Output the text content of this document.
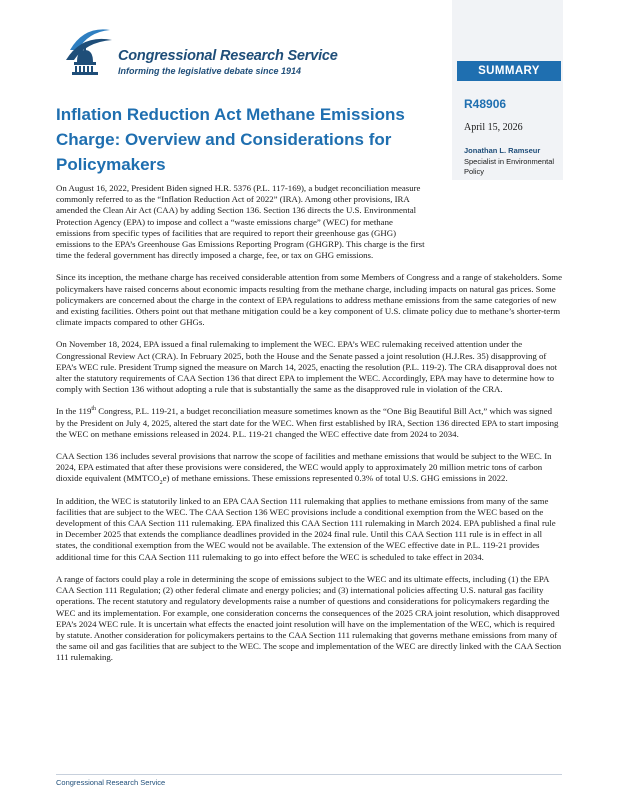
Congressional Research Service
Informing the legislative debate since 1914	SUMMARY
R48906
April 15, 2026
Jonathan L. Ramseur
Specialist in Environmental Policy
Inflation Reduction Act Methane Emissions Charge: Overview and Considerations for Policymakers

On August 16, 2022, President Biden signed H.R. 5376 (P.L. 117-169), a budget reconciliation measure commonly referred to as the “Inflation Reduction Act of 2022” (IRA). Among other provisions, IRA amended the Clean Air Act (CAA) by adding Section 136. Section 136 directs the U.S. Environmental Protection Agency (EPA) to impose and collect a “waste emissions charge” (WEC) for methane emissions from specific types of facilities that are required to report their greenhouse gas (GHG) emissions to the EPA’s Greenhouse Gas Emissions Reporting Program (GHGRP). This charge is the first time the federal government has directly imposed a charge, fee, or tax on GHG emissions.

Since its inception, the methane charge has received considerable attention from some Members of Congress and a range of stakeholders. Some policymakers have raised concerns about economic impacts resulting from the methane charge, including impacts on natural gas prices. Some policymakers are concerned about the charge in the context of EPA regulations to address methane emissions from the same categories of new and existing facilities. Others point out that methane mitigation could be a key component of U.S. climate policy due to methane’s shorter-term climate impacts compared to other GHGs.

On November 18, 2024, EPA issued a final rulemaking to implement the WEC. EPA’s WEC rulemaking received attention under the Congressional Review Act (CRA). In February 2025, both the House and the Senate passed a joint resolution (H.J.Res. 35) disapproving of EPA’s WEC rule. President Trump signed the measure on March 14, 2025, enacting the resolution (P.L. 119-2). The CRA disapproval does not alter the statutory requirements of CAA Section 136 that direct EPA to implement the WEC. Accordingly, EPA may have to determine how to comply with Section 136 without adopting a rule that is substantially the same as the disapproved rule in violation of the CRA.

In the 119th Congress, P.L. 119-21, a budget reconciliation measure sometimes known as the “One Big Beautiful Bill Act,” which was signed by the President on July 4, 2025, altered the start date for the WEC. When first established by IRA, Section 136 directed EPA to start imposing the WEC on methane emissions released in 2024. P.L. 119-21 changed the WEC effective date from 2024 to 2034.

CAA Section 136 includes several provisions that narrow the scope of facilities and methane emissions that would be subject to the WEC. In 2024, EPA estimated that after these provisions were considered, the WEC would apply to approximately 20 million metric tons of carbon dioxide equivalent $(MMTCO_2e)$ of methane emissions. These emissions represented 0.3% of total U.S. GHG emissions in 2022.

In addition, the WEC is statutorily linked to an EPA CAA Section 111 rulemaking that applies to methane emissions from many of the same facilities that are subject to the WEC. The CAA Section 136 WEC provisions include a conditional exemption from the WEC based on the development of this CAA Section 111 rulemaking. EPA finalized this CAA Section 111 rulemaking in March 2024. EPA published a final rule in December 2025 that extends the compliance deadlines provided in the 2024 final rule. Until this CAA Section 111 rule is in effect in all states, the conditional exemption from the WEC would not be available. The extension of the WEC effective date in P.L. 119-21 provides additional time for this CAA Section 111 rulemaking to go into effect before the WEC is scheduled to take effect in 2034.

A range of factors could play a role in determining the scope of emissions subject to the WEC and its ultimate effects, including (1) the EPA CAA Section 111 Regulation; (2) other federal climate and energy policies; and (3) international policies affecting U.S. natural gas facility operations. The recent statutory and regulatory developments raise a number of questions and considerations for policymakers regarding the WEC and its implementation. For example, one consideration concerns the consequences of the 2025 CRA joint resolution, which disapproved EPA’s 2024 WEC rule. It is uncertain what effects the enacted joint resolution will have on the implementation of the WEC, which is required by statute. Another consideration for policymakers pertains to the CAA Section 111 rulemaking that governs methane emissions from many of the same oil and gas facilities that are subject to the WEC. The scope and implementation of the WEC are directly linked with the CAA Section 111 rulemaking.

Congressional Research Service
